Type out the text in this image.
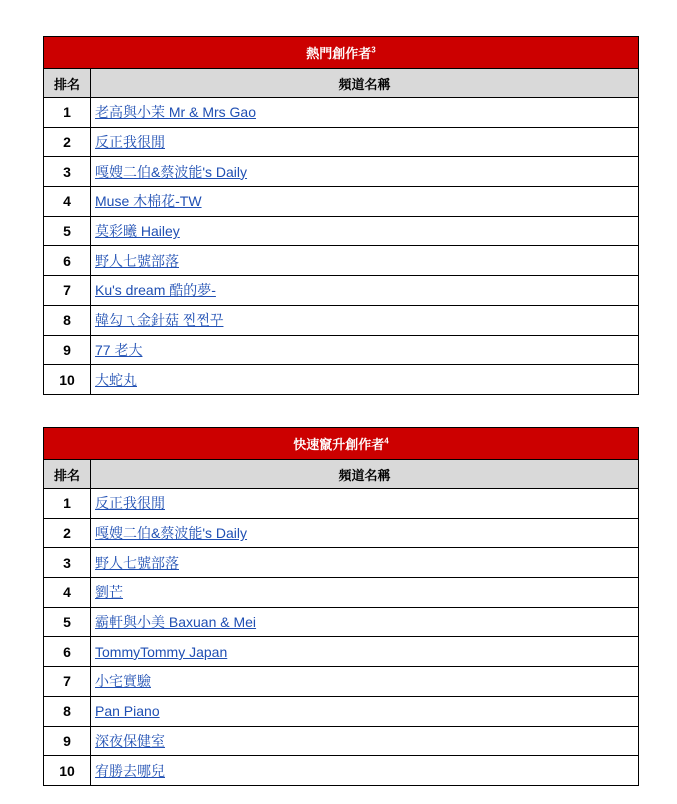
熱門創作者$^3$
排名	頻道名稱
1	老高與小茉 Mr & Mrs Gao
2	反正我很閒
3	嘎嫂二伯&蔡波能's Daily
4	Muse 木棉花-TW
5	莫彩曦 Hailey
6	野人七號部落
7	Ku's dream 酷的夢-
8	韓勾ㄟ金針菇 찐쩐꾸
9	77 老大
10	大蛇丸
快速竄升創作者$^4$
排名	頻道名稱
1	反正我很閒
2	嘎嫂二伯&蔡波能's Daily
3	野人七號部落
4	劉芒
5	霸軒與小美 Baxuan & Mei
6	TommyTommy Japan
7	小宅實驗
8	Pan Piano
9	深夜保健室
10	宥勝去哪兒
